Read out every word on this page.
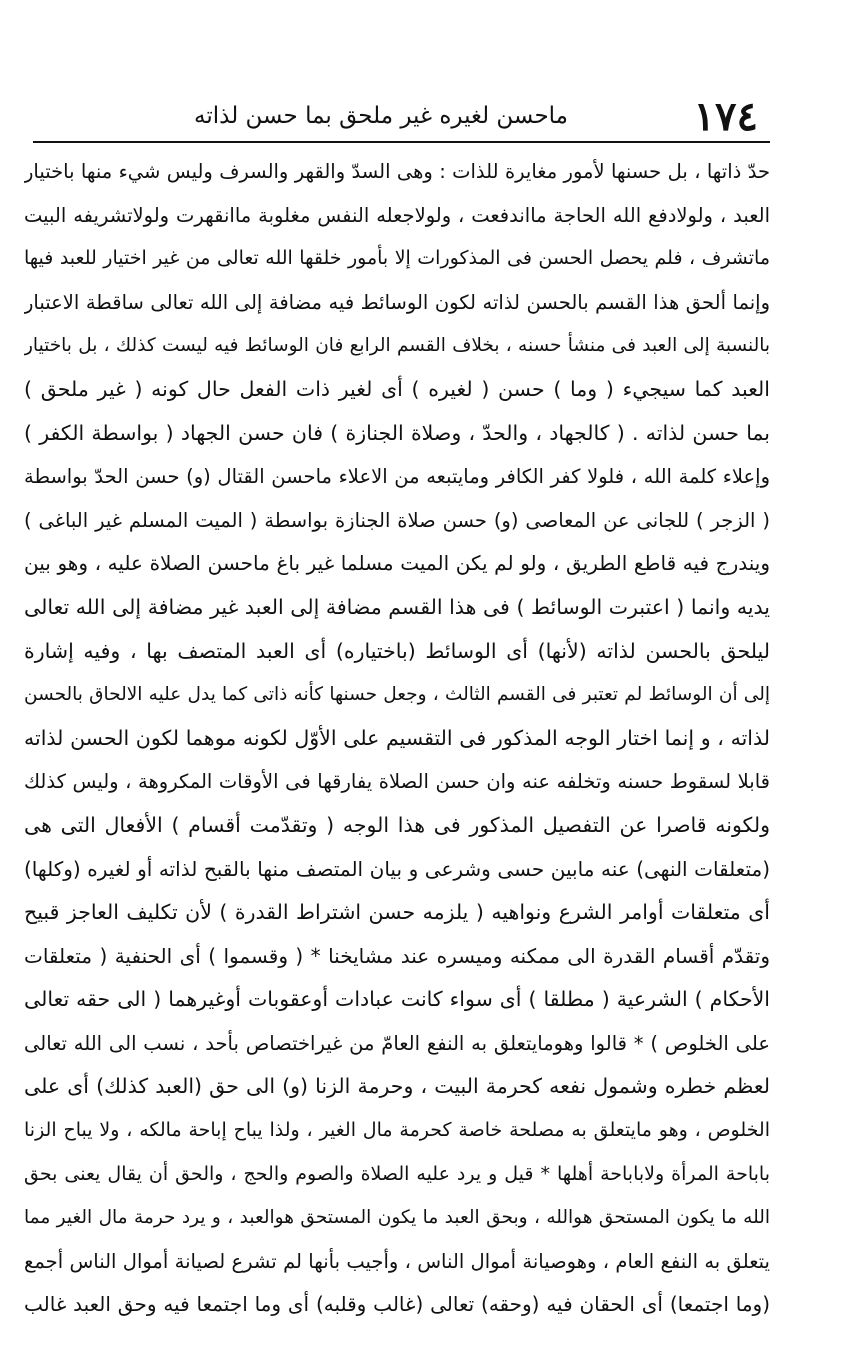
١٧٤
ماحسن لغيره غير ملحق بما حسن لذاته
حدّ ذاتها ، بل حسنها لأمور مغايرة للذات : وهى السدّ والقهر والسرف وليس شيء منها باختيار
العبد ، ولولادفع الله الحاجة مااندفعت ، ولولاجعله النفس مغلوبة ماانقهرت ولولاتشريفه البيت
ماتشرف ، فلم يحصل الحسن فى المذكورات إلا بأمور خلقها الله تعالى من غير اختيار للعبد فيها
وإنما ألحق هذا القسم بالحسن لذاته لكون الوسائط فيه مضافة إلى الله تعالى ساقطة الاعتبار
بالنسبة إلى العبد فى منشأ حسنه ، بخلاف القسم الرابع فان الوسائط فيه ليست كذلك ، بل باختيار
العبد كما سيجيء ( وما ) حسن ( لغيره ) أى لغير ذات الفعل حال كونه ( غير ملحق )
بما حسن لذاته . ( كالجهاد ، والحدّ ، وصلاة الجنازة ) فان حسن الجهاد ( بواسطة الكفر )
وإعلاء كلمة الله ، فلولا كفر الكافر ومايتبعه من الاعلاء ماحسن القتال (و) حسن الحدّ بواسطة
( الزجر ) للجانى عن المعاصى (و) حسن صلاة الجنازة بواسطة ( الميت المسلم غير الباغى )
ويندرج فيه قاطع الطريق ، ولو لم يكن الميت مسلما غير باغ ماحسن الصلاة عليه ، وهو بين
يديه وانما ( اعتبرت الوسائط ) فى هذا القسم مضافة إلى العبد غير مضافة إلى الله تعالى
ليلحق بالحسن لذاته (لأنها) أى الوسائط (باختياره) أى العبد المتصف بها ، وفيه إشارة
إلى أن الوسائط لم تعتبر فى القسم الثالث ، وجعل حسنها كأنه ذاتى كما يدل عليه الالحاق بالحسن
لذاته ، و إنما اختار الوجه المذكور فى التقسيم على الأوّل لكونه موهما لكون الحسن لذاته
قابلا لسقوط حسنه وتخلفه عنه وان حسن الصلاة يفارقها فى الأوقات المكروهة ، وليس كذلك
ولكونه قاصرا عن التفصيل المذكور فى هذا الوجه ( وتقدّمت أقسام ) الأفعال التى هى
(متعلقات النهى) عنه مابين حسى وشرعى و بيان المتصف منها بالقبح لذاته أو لغيره (وكلها)
أى متعلقات أوامر الشرع ونواهيه ( يلزمه حسن اشتراط القدرة ) لأن تكليف العاجز قبيح
وتقدّم أقسام القدرة الى ممكنه وميسره عند مشايخنا * ( وقسموا ) أى الحنفية ( متعلقات
الأحكام ) الشرعية ( مطلقا ) أى سواء كانت عبادات أوعقوبات أوغيرهما ( الى حقه تعالى
على الخلوص ) * قالوا وهومايتعلق به النفع العامّ من غيراختصاص بأحد ، نسب الى الله تعالى
لعظم خطره وشمول نفعه كحرمة البيت ، وحرمة الزنا (و) الى حق (العبد كذلك) أى على
الخلوص ، وهو مايتعلق به مصلحة خاصة كحرمة مال الغير ، ولذا يباح إباحة مالكه ، ولا يباح الزنا
باباحة المرأة ولاباباحة أهلها * قيل و يرد عليه الصلاة والصوم والحج ، والحق أن يقال يعنى بحق
الله ما يكون المستحق هوالله ، وبحق العبد ما يكون المستحق هوالعبد ، و يرد حرمة مال الغير مما
يتعلق به النفع العام ، وهوصيانة أموال الناس ، وأجيب بأنها لم تشرع لصيانة أموال الناس أجمع
(وما اجتمعا) أى الحقان فيه (وحقه) تعالى (غالب وقلبه) أى وما اجتمعا فيه وحق العبد غالب
